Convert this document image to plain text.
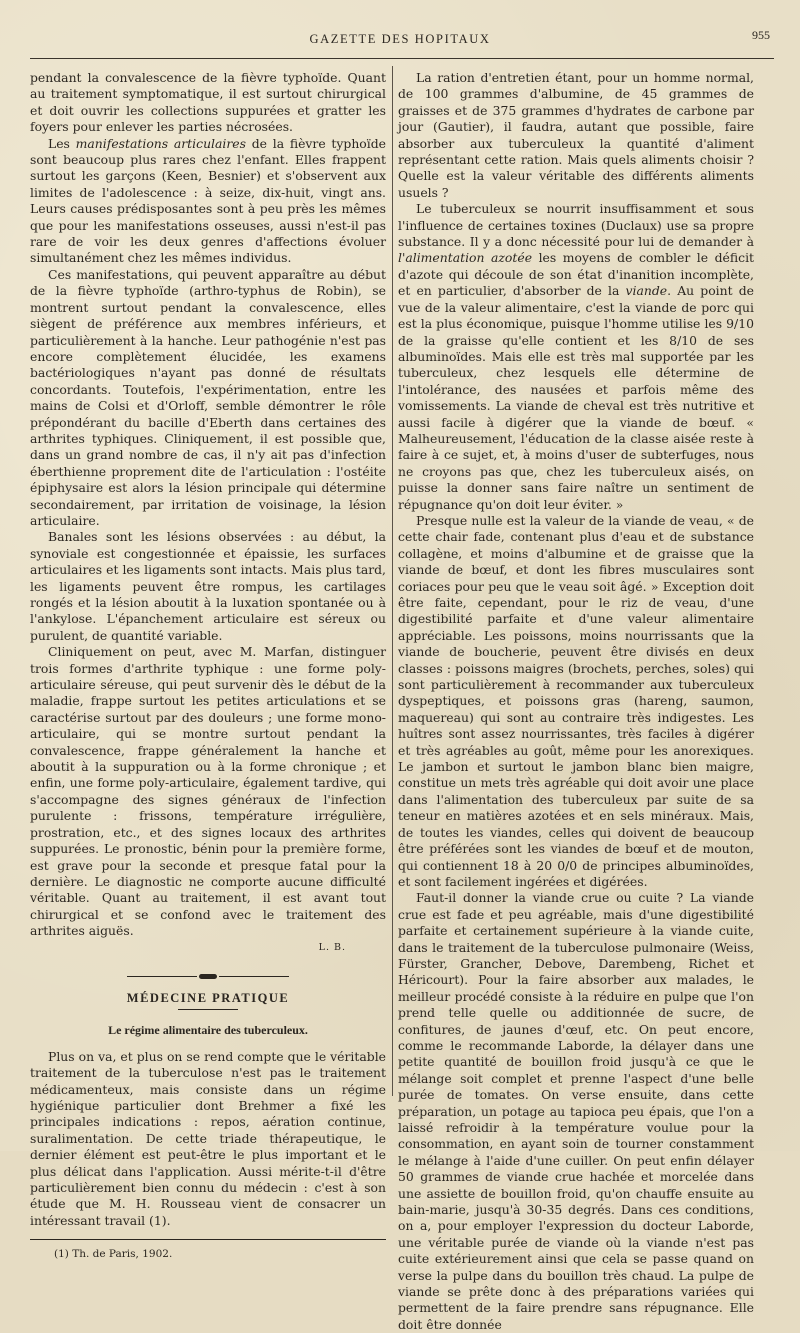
GAZETTE DES HOPITAUX	955

pendant la convalescence de la fièvre typhoïde. Quant au traitement symptomatique, il est surtout chirurgical et doit ouvrir les collections suppurées et gratter les foyers pour enlever les parties nécrosées.

Les manifestations articulaires de la fièvre typhoïde sont beaucoup plus rares chez l'enfant. Elles frappent surtout les garçons (Keen, Besnier) et s'observent aux limites de l'adolescence : à seize, dix-huit, vingt ans. Leurs causes prédisposantes sont à peu près les mêmes que pour les manifestations osseuses, aussi n'est-il pas rare de voir les deux genres d'affections évoluer simultanément chez les mêmes individus.

Ces manifestations, qui peuvent apparaître au début de la fièvre typhoïde (arthro-typhus de Robin), se montrent surtout pendant la convalescence, elles siègent de préférence aux membres inférieurs, et particulièrement à la hanche. Leur pathogénie n'est pas encore complètement élucidée, les examens bactériologiques n'ayant pas donné de résultats concordants. Toutefois, l'expérimentation, entre les mains de Colsi et d'Orloff, semble démontrer le rôle prépondérant du bacille d'Eberth dans certaines des arthrites typhiques. Cliniquement, il est possible que, dans un grand nombre de cas, il n'y ait pas d'infection éberthienne proprement dite de l'articulation : l'ostéite épiphysaire est alors la lésion principale qui détermine secondairement, par irritation de voisinage, la lésion articulaire.

Banales sont les lésions observées : au début, la synoviale est congestionnée et épaissie, les surfaces articulaires et les ligaments sont intacts. Mais plus tard, les ligaments peuvent être rompus, les cartilages rongés et la lésion aboutit à la luxation spontanée ou à l'ankylose. L'épanchement articulaire est séreux ou purulent, de quantité variable.

Cliniquement on peut, avec M. Marfan, distinguer trois formes d'arthrite typhique : une forme poly-articulaire séreuse, qui peut survenir dès le début de la maladie, frappe surtout les petites articulations et se caractérise surtout par des douleurs ; une forme mono-articulaire, qui se montre surtout pendant la convalescence, frappe généralement la hanche et aboutit à la suppuration ou à la forme chronique ; et enfin, une forme poly-articulaire, également tardive, qui s'accompagne des signes généraux de l'infection purulente : frissons, température irrégulière, prostration, etc., et des signes locaux des arthrites suppurées. Le pronostic, bénin pour la première forme, est grave pour la seconde et presque fatal pour la dernière. Le diagnostic ne comporte aucune difficulté véritable. Quant au traitement, il est avant tout chirurgical et se confond avec le traitement des arthrites aiguës.

L. B.
MÉDECINE PRATIQUE
Le régime alimentaire des tuberculeux.

Plus on va, et plus on se rend compte que le véritable traitement de la tuberculose n'est pas le traitement médicamenteux, mais consiste dans un régime hygiénique particulier dont Brehmer a fixé les principales indications : repos, aération continue, suralimentation. De cette triade thérapeutique, le dernier élément est peut-être le plus important et le plus délicat dans l'application. Aussi mérite-t-il d'être particulièrement bien connu du médecin : c'est à son étude que M. H. Rousseau vient de consacrer un intéressant travail (1).

(1) Th. de Paris, 1902.

La ration d'entretien étant, pour un homme normal, de 100 grammes d'albumine, de 45 grammes de graisses et de 375 grammes d'hydrates de carbone par jour (Gautier), il faudra, autant que possible, faire absorber aux tuberculeux la quantité d'aliment représentant cette ration. Mais quels aliments choisir ? Quelle est la valeur véritable des différents aliments usuels ?

Le tuberculeux se nourrit insuffisamment et sous l'influence de certaines toxines (Duclaux) use sa propre substance. Il y a donc nécessité pour lui de demander à l'alimentation azotée les moyens de combler le déficit d'azote qui découle de son état d'inanition incomplète, et en particulier, d'absorber de la viande. Au point de vue de la valeur alimentaire, c'est la viande de porc qui est la plus économique, puisque l'homme utilise les 9/10 de la graisse qu'elle contient et les 8/10 de ses albuminoïdes. Mais elle est très mal supportée par les tuberculeux, chez lesquels elle détermine de l'intolérance, des nausées et parfois même des vomissements. La viande de cheval est très nutritive et aussi facile à digérer que la viande de bœuf. « Malheureusement, l'éducation de la classe aisée reste à faire à ce sujet, et, à moins d'user de subterfuges, nous ne croyons pas que, chez les tuberculeux aisés, on puisse la donner sans faire naître un sentiment de répugnance qu'on doit leur éviter. »

Presque nulle est la valeur de la viande de veau, « de cette chair fade, contenant plus d'eau et de substance collagène, et moins d'albumine et de graisse que la viande de bœuf, et dont les fibres musculaires sont coriaces pour peu que le veau soit âgé. » Exception doit être faite, cependant, pour le riz de veau, d'une digestibilité parfaite et d'une valeur alimentaire appréciable. Les poissons, moins nourrissants que la viande de boucherie, peuvent être divisés en deux classes : poissons maigres (brochets, perches, soles) qui sont particulièrement à recommander aux tuberculeux dyspeptiques, et poissons gras (hareng, saumon, maquereau) qui sont au contraire très indigestes. Les huîtres sont assez nourrissantes, très faciles à digérer et très agréables au goût, même pour les anorexiques. Le jambon et surtout le jambon blanc bien maigre, constitue un mets très agréable qui doit avoir une place dans l'alimentation des tuberculeux par suite de sa teneur en matières azotées et en sels minéraux. Mais, de toutes les viandes, celles qui doivent de beaucoup être préférées sont les viandes de bœuf et de mouton, qui contiennent 18 à 20 0/0 de principes albuminoïdes, et sont facilement ingérées et digérées.

Faut-il donner la viande crue ou cuite ? La viande crue est fade et peu agréable, mais d'une digestibilité parfaite et certainement supérieure à la viande cuite, dans le traitement de la tuberculose pulmonaire (Weiss, Fürster, Grancher, Debove, Darembeng, Richet et Héricourt). Pour la faire absorber aux malades, le meilleur procédé consiste à la réduire en pulpe que l'on prend telle quelle ou additionnée de sucre, de confitures, de jaunes d'œuf, etc. On peut encore, comme le recommande Laborde, la délayer dans une petite quantité de bouillon froid jusqu'à ce que le mélange soit complet et prenne l'aspect d'une belle purée de tomates. On verse ensuite, dans cette préparation, un potage au tapioca peu épais, que l'on a laissé refroidir à la température voulue pour la consommation, en ayant soin de tourner constamment le mélange à l'aide d'une cuiller. On peut enfin délayer 50 grammes de viande crue hachée et morcelée dans une assiette de bouillon froid, qu'on chauffe ensuite au bain-marie, jusqu'à 30-35 degrés. Dans ces conditions, on a, pour employer l'expression du docteur Laborde, une véritable purée de viande où la viande n'est pas cuite extérieurement ainsi que cela se passe quand on verse la pulpe dans du bouillon très chaud. La pulpe de viande se prête donc à des préparations variées qui permettent de la faire prendre sans répugnance. Elle doit être donnée
